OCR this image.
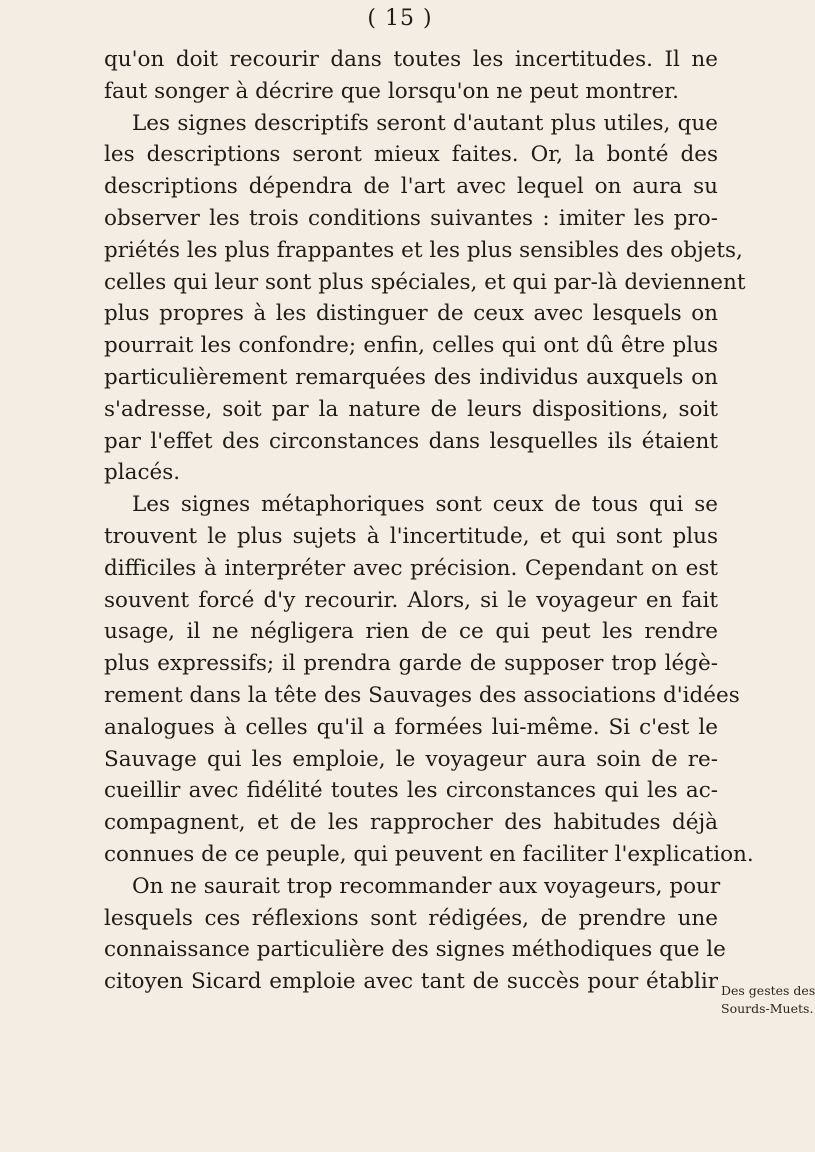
( 15 )
qu'on doit recourir dans toutes les incertitudes. Il ne
faut songer à décrire que lorsqu'on ne peut montrer.
Les signes descriptifs seront d'autant plus utiles, que
les descriptions seront mieux faites. Or, la bonté des
descriptions dépendra de l'art avec lequel on aura su
observer les trois conditions suivantes : imiter les pro-
priétés les plus frappantes et les plus sensibles des objets,
celles qui leur sont plus spéciales, et qui par-là deviennent
plus propres à les distinguer de ceux avec lesquels on
pourrait les confondre; enfin, celles qui ont dû être plus
particulièrement remarquées des individus auxquels on
s'adresse, soit par la nature de leurs dispositions, soit
par l'effet des circonstances dans lesquelles ils étaient
placés.
Les signes métaphoriques sont ceux de tous qui se
trouvent le plus sujets à l'incertitude, et qui sont plus
difficiles à interpréter avec précision. Cependant on est
souvent forcé d'y recourir. Alors, si le voyageur en fait
usage, il ne négligera rien de ce qui peut les rendre
plus expressifs; il prendra garde de supposer trop légè-
rement dans la tête des Sauvages des associations d'idées
analogues à celles qu'il a formées lui-même. Si c'est le
Sauvage qui les emploie, le voyageur aura soin de re-
cueillir avec fidélité toutes les circonstances qui les ac-
compagnent, et de les rapprocher des habitudes déjà
connues de ce peuple, qui peuvent en faciliter l'explication.
On ne saurait trop recommander aux voyageurs, pour
lesquels ces réflexions sont rédigées, de prendre une
connaissance particulière des signes méthodiques que le
citoyen Sicard emploie avec tant de succès pour établir Des gestes des
Sourds-Muets.
